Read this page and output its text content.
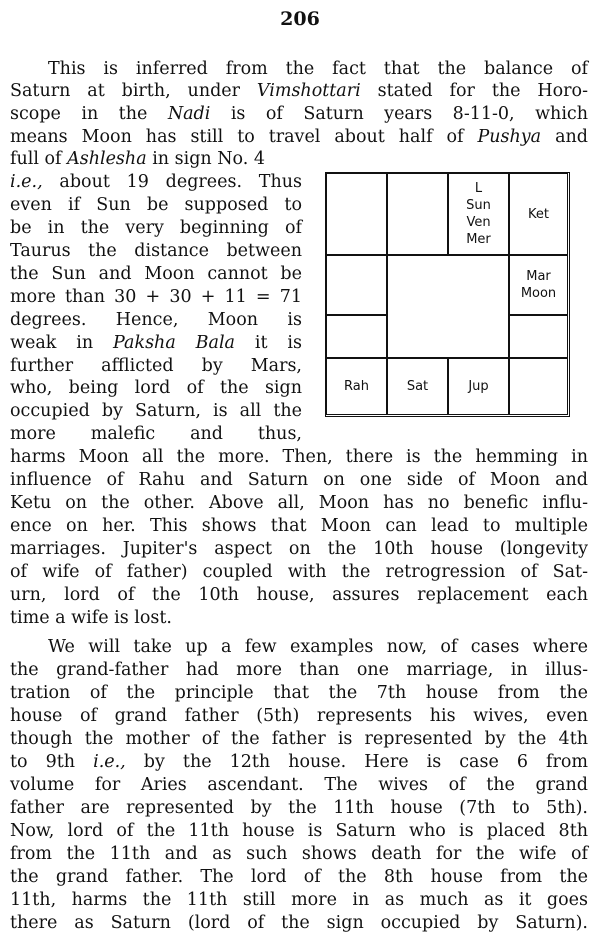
206
This is inferred from the fact that the balance of
Saturn at birth, under Vimshottari stated for the Horo-
scope in the Nadi is of Saturn years 8-11-0, which
means Moon has still to travel about half of Pushya and
full of Ashlesha in sign No. 4
i.e., about 19 degrees. Thus
even if Sun be supposed to
be in the very beginning of
Taurus the distance between
the Sun and Moon cannot be
more than 30 + 30 + 11 = 71
degrees. Hence, Moon is
weak in Paksha Bala it is
further afflicted by Mars,
who, being lord of the sign
occupied by Saturn, is all the
more malefic and thus,
harms Moon all the more. Then, there is the hemming in
influence of Rahu and Saturn on one side of Moon and
Ketu on the other. Above all, Moon has no benefic influ-
ence on her. This shows that Moon can lead to multiple
marriages. Jupiter's aspect on the 10th house (longevity
of wife of father) coupled with the retrogression of Sat-
urn, lord of the 10th house, assures replacement each
time a wife is lost.
We will take up a few examples now, of cases where
the grand-father had more than one marriage, in illus-
tration of the principle that the 7th house from the
house of grand father (5th) represents his wives, even
though the mother of the father is represented by the 4th
to 9th i.e., by the 12th house. Here is case 6 from
volume for Aries ascendant. The wives of the grand
father are represented by the 11th house (7th to 5th).
Now, lord of the 11th house is Saturn who is placed 8th
from the 11th and as such shows death for the wife of
the grand father. The lord of the 8th house from the
11th, harms the 11th still more in as much as it goes
there as Saturn (lord of the sign occupied by Saturn).
L
Sun
Ven
Mer
Ket
Mar
Moon
Rah	Sat	Jup
